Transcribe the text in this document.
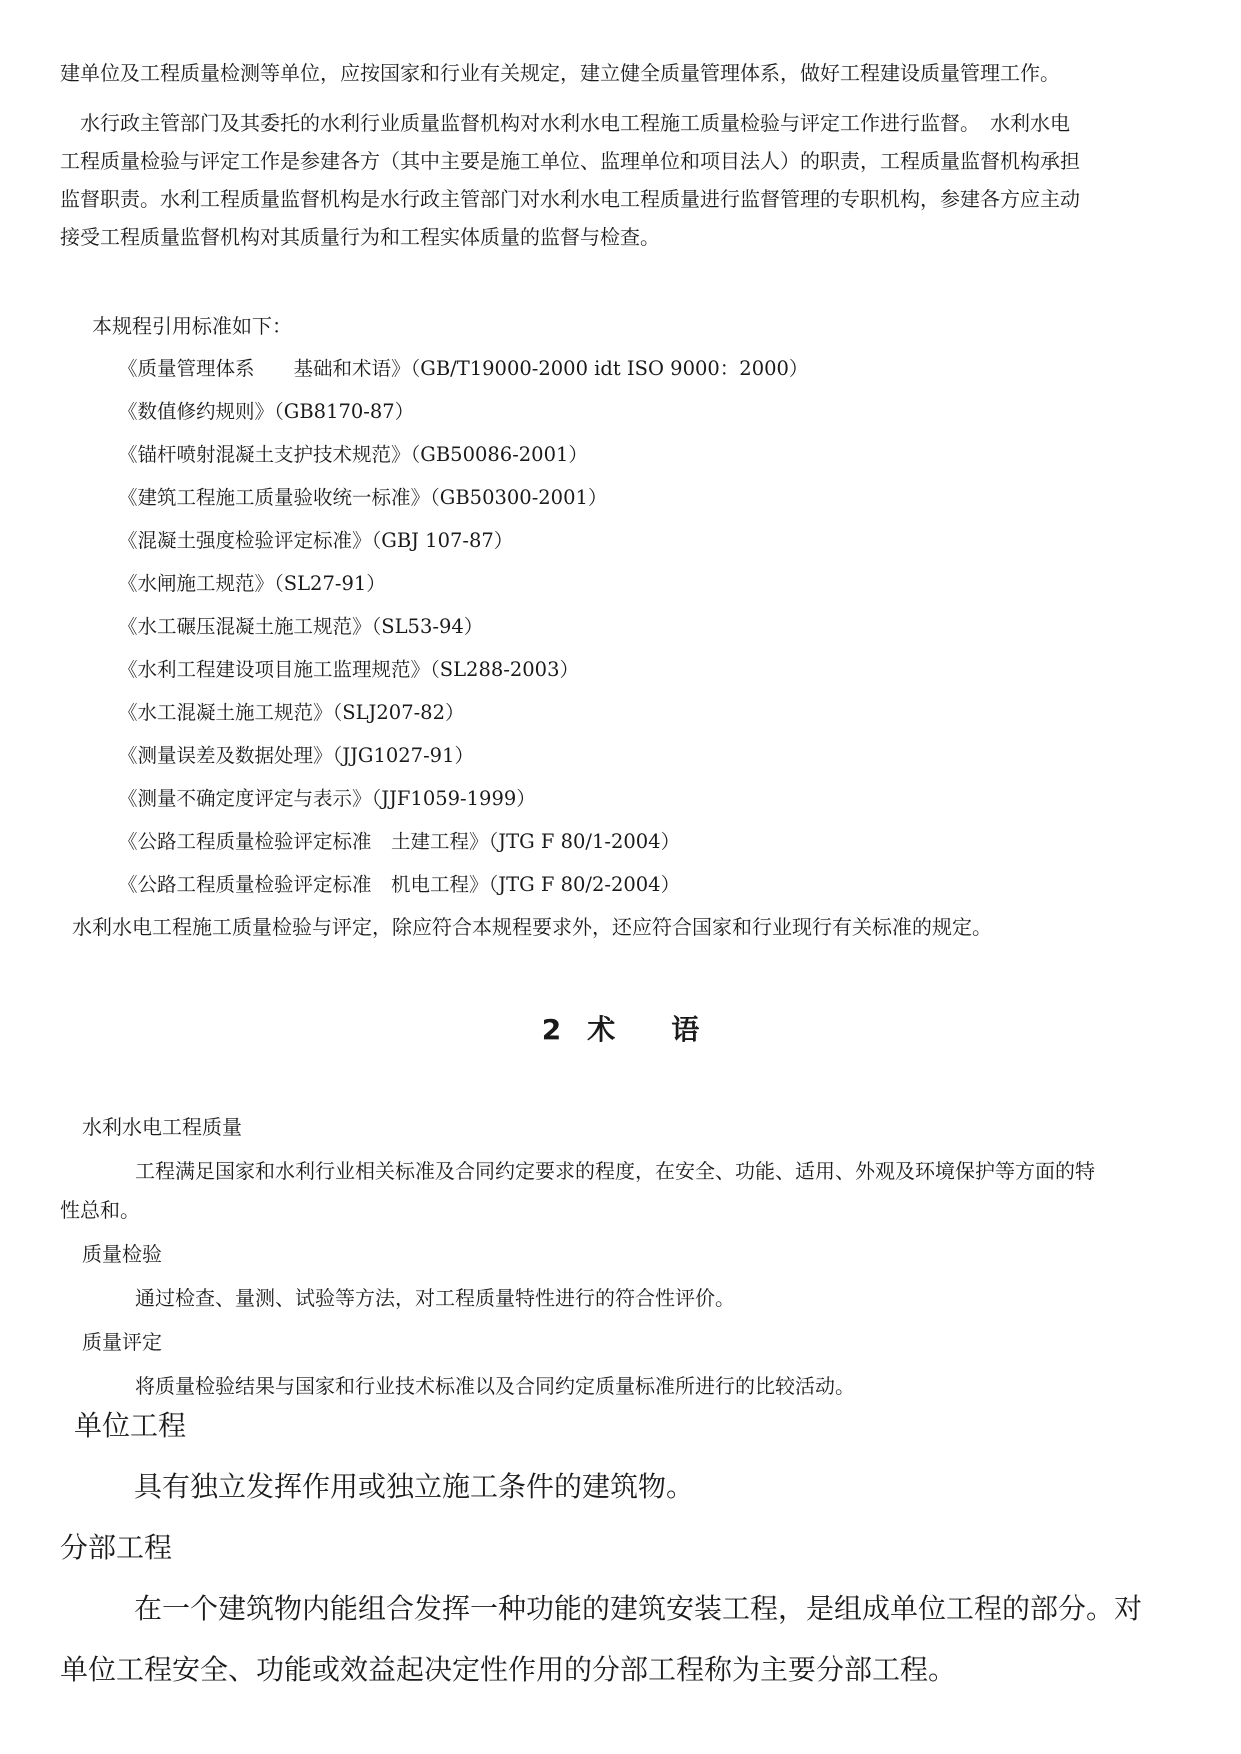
建单位及工程质量检测等单位，应按国家和行业有关规定，建立健全质量管理体系，做好工程建设质量管理工作。

水行政主管部门及其委托的水利行业质量监督机构对水利水电工程施工质量检验与评定工作进行监督。　水利水电

工程质量检验与评定工作是参建各方（其中主要是施工单位、监理单位和项目法人）的职责，工程质量监督机构承担

监督职责。水利工程质量监督机构是水行政主管部门对水利水电工程质量进行监督管理的专职机构，参建各方应主动

接受工程质量监督机构对其质量行为和工程实体质量的监督与检查。

本规程引用标准如下：

《质量管理体系　　基础和术语》（GB/T19000-2000 idt ISO 9000：2000）

《数值修约规则》（GB8170-87）

《锚杆喷射混凝土支护技术规范》（GB50086-2001）

《建筑工程施工质量验收统一标准》（GB50300-2001）

《混凝土强度检验评定标准》（GBJ 107-87）

《水闸施工规范》（SL27-91）

《水工碾压混凝土施工规范》（SL53-94）

《水利工程建设项目施工监理规范》（SL288-2003）

《水工混凝土施工规范》（SLJ207-82）

《测量误差及数据处理》（JJG1027-91）

《测量不确定度评定与表示》（JJF1059-1999）

《公路工程质量检验评定标准　土建工程》（JTG F 80/1-2004）

《公路工程质量检验评定标准　机电工程》（JTG F 80/2-2004）

水利水电工程施工质量检验与评定，除应符合本规程要求外，还应符合国家和行业现行有关标准的规定。

2 术 语

水利水电工程质量

工程满足国家和水利行业相关标准及合同约定要求的程度，在安全、功能、适用、外观及环境保护等方面的特

性总和。

质量检验

通过检查、量测、试验等方法，对工程质量特性进行的符合性评价。

质量评定

将质量检验结果与国家和行业技术标准以及合同约定质量标准所进行的比较活动。

单位工程

具有独立发挥作用或独立施工条件的建筑物。

分部工程

在一个建筑物内能组合发挥一种功能的建筑安装工程，是组成单位工程的部分。对

单位工程安全、功能或效益起决定性作用的分部工程称为主要分部工程。
